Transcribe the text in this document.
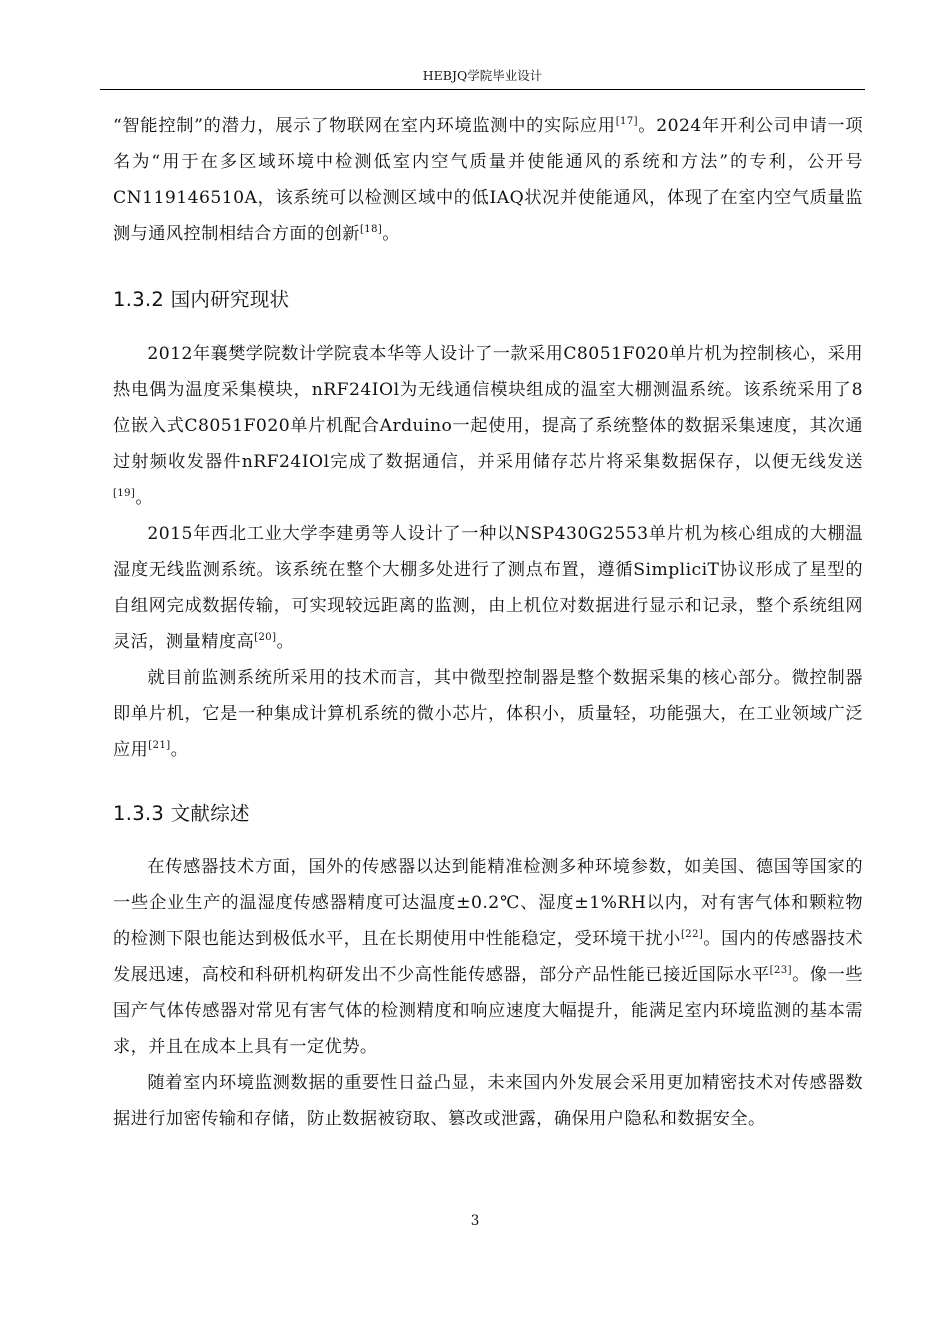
HEBJQ学院毕业设计

“智能控制”的潜力，展示了物联网在室内环境监测中的实际应用[17]。2024年开利公司申请一项名为“用于在多区域环境中检测低室内空气质量并使能通风的系统和方法”的专利，公开号CN119146510A，该系统可以检测区域中的低IAQ状况并使能通风，体现了在室内空气质量监测与通风控制相结合方面的创新[18]。

1.3.2 国内研究现状

2012年襄樊学院数计学院袁本华等人设计了一款采用C8051F020单片机为控制核心，采用热电偶为温度采集模块，nRF24IOl为无线通信模块组成的温室大棚测温系统。该系统采用了8位嵌入式C8051F020单片机配合Arduino一起使用，提高了系统整体的数据采集速度，其次通过射频收发器件nRF24IOl完成了数据通信，并采用储存芯片将采集数据保存，以便无线发送[19]。

2015年西北工业大学李建勇等人设计了一种以NSP430G2553单片机为核心组成的大棚温湿度无线监测系统。该系统在整个大棚多处进行了测点布置，遵循SimpliciT协议形成了星型的自组网完成数据传输，可实现较远距离的监测，由上机位对数据进行显示和记录，整个系统组网灵活，测量精度高[20]。

就目前监测系统所采用的技术而言，其中微型控制器是整个数据采集的核心部分。微控制器即单片机，它是一种集成计算机系统的微小芯片，体积小，质量轻，功能强大，在工业领域广泛应用[21]。

1.3.3 文献综述

在传感器技术方面，国外的传感器以达到能精准检测多种环境参数，如美国、德国等国家的一些企业生产的温湿度传感器精度可达温度±0.2℃、湿度±1%RH以内，对有害气体和颗粒物的检测下限也能达到极低水平，且在长期使用中性能稳定，受环境干扰小[22]。国内的传感器技术发展迅速，高校和科研机构研发出不少高性能传感器，部分产品性能已接近国际水平[23]。像一些国产气体传感器对常见有害气体的检测精度和响应速度大幅提升，能满足室内环境监测的基本需求，并且在成本上具有一定优势。

随着室内环境监测数据的重要性日益凸显，未来国内外发展会采用更加精密技术对传感器数据进行加密传输和存储，防止数据被窃取、篡改或泄露，确保用户隐私和数据安全。

3
